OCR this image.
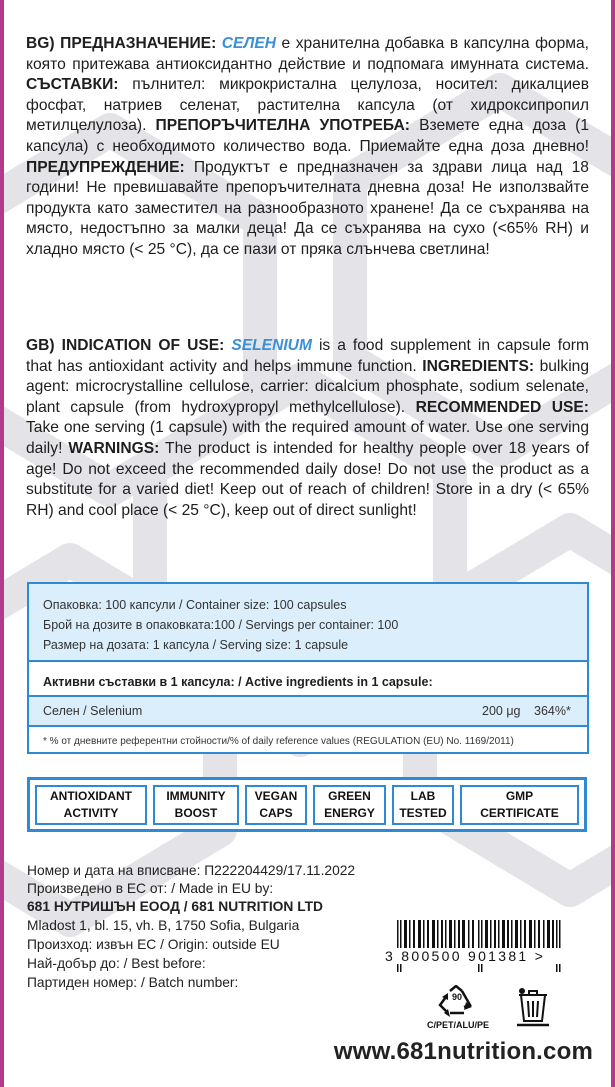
BG) ПРЕДНАЗНАЧЕНИЕ: СЕЛЕН е хранителна добавка в капсулна форма, която притежава антиоксидантно действие и подпомага имунната система. СЪСТАВКИ: пълнител: микрокристална целулоза, носител: дикалциев фосфат, натриев селенат, растителна капсула (от хидроксипропил метилцелулоза). ПРЕПОРЪЧИТЕЛНА УПОТРЕБА: Вземете една доза (1 капсула) с необходимото количество вода. Приемайте една доза дневно! ПРЕДУПРЕЖДЕНИЕ: Продуктът е предназначен за здрави лица над 18 години! Не превишавайте препоръчителната дневна доза! Не използвайте продукта като заместител на разнообразното хранене! Да се съхранява на място, недостъпно за малки деца! Да се съхранява на сухо (<65% RH) и хладно място (< 25 °C), да се пази от пряка слънчева светлина!
GB) INDICATION OF USE: SELENIUM is a food supplement in capsule form that has antioxidant activity and helps immune function. INGREDIENTS: bulking agent: microcrystalline cellulose, carrier: dicalcium phosphate, sodium selenate, plant capsule (from hydroxypropyl methylcellulose). RECOMMENDED USE: Take one serving (1 capsule) with the required amount of water. Use one serving daily! WARNINGS: The product is intended for healthy people over 18 years of age! Do not exceed the recommended daily dose! Do not use the product as a substitute for a varied diet! Keep out of reach of children! Store in a dry (< 65% RH) and cool place (< 25 °C), keep out of direct sunlight!
Опаковка: 100 капсули / Container size: 100 capsules
Брой на дозите в опаковката:100 / Servings per container: 100
Размер на дозата: 1 капсула / Serving size: 1 capsule
Активни съставки в 1 капсула: / Active ingredients in 1 capsule:
Селен / Selenium	200 μg 364%*
* % от дневните референтни стойности/% of daily reference values (REGULATION (EU) No. 1169/2011)
ANTIOXIDANT
ACTIVITY
IMMUNITY
BOOST
VEGAN
CAPS
GREEN
ENERGY
LAB
TESTED
GMP
CERTIFICATE
Номер и дата на вписване: П222204429/17.11.2022
Произведено в ЕС от: / Made in EU by:
681 НУТРИШЪН ЕООД / 681 NUTRITION LTD
Mladost 1, bl. 15, vh. B, 1750 Sofia, Bulgaria
Произход: извън ЕС / Origin: outside EU
Най-добър до: / Best before:
Партиден номер: / Batch number:
3 800500 901381 >
90
C/PET/ALU/PE
www.681nutrition.com
